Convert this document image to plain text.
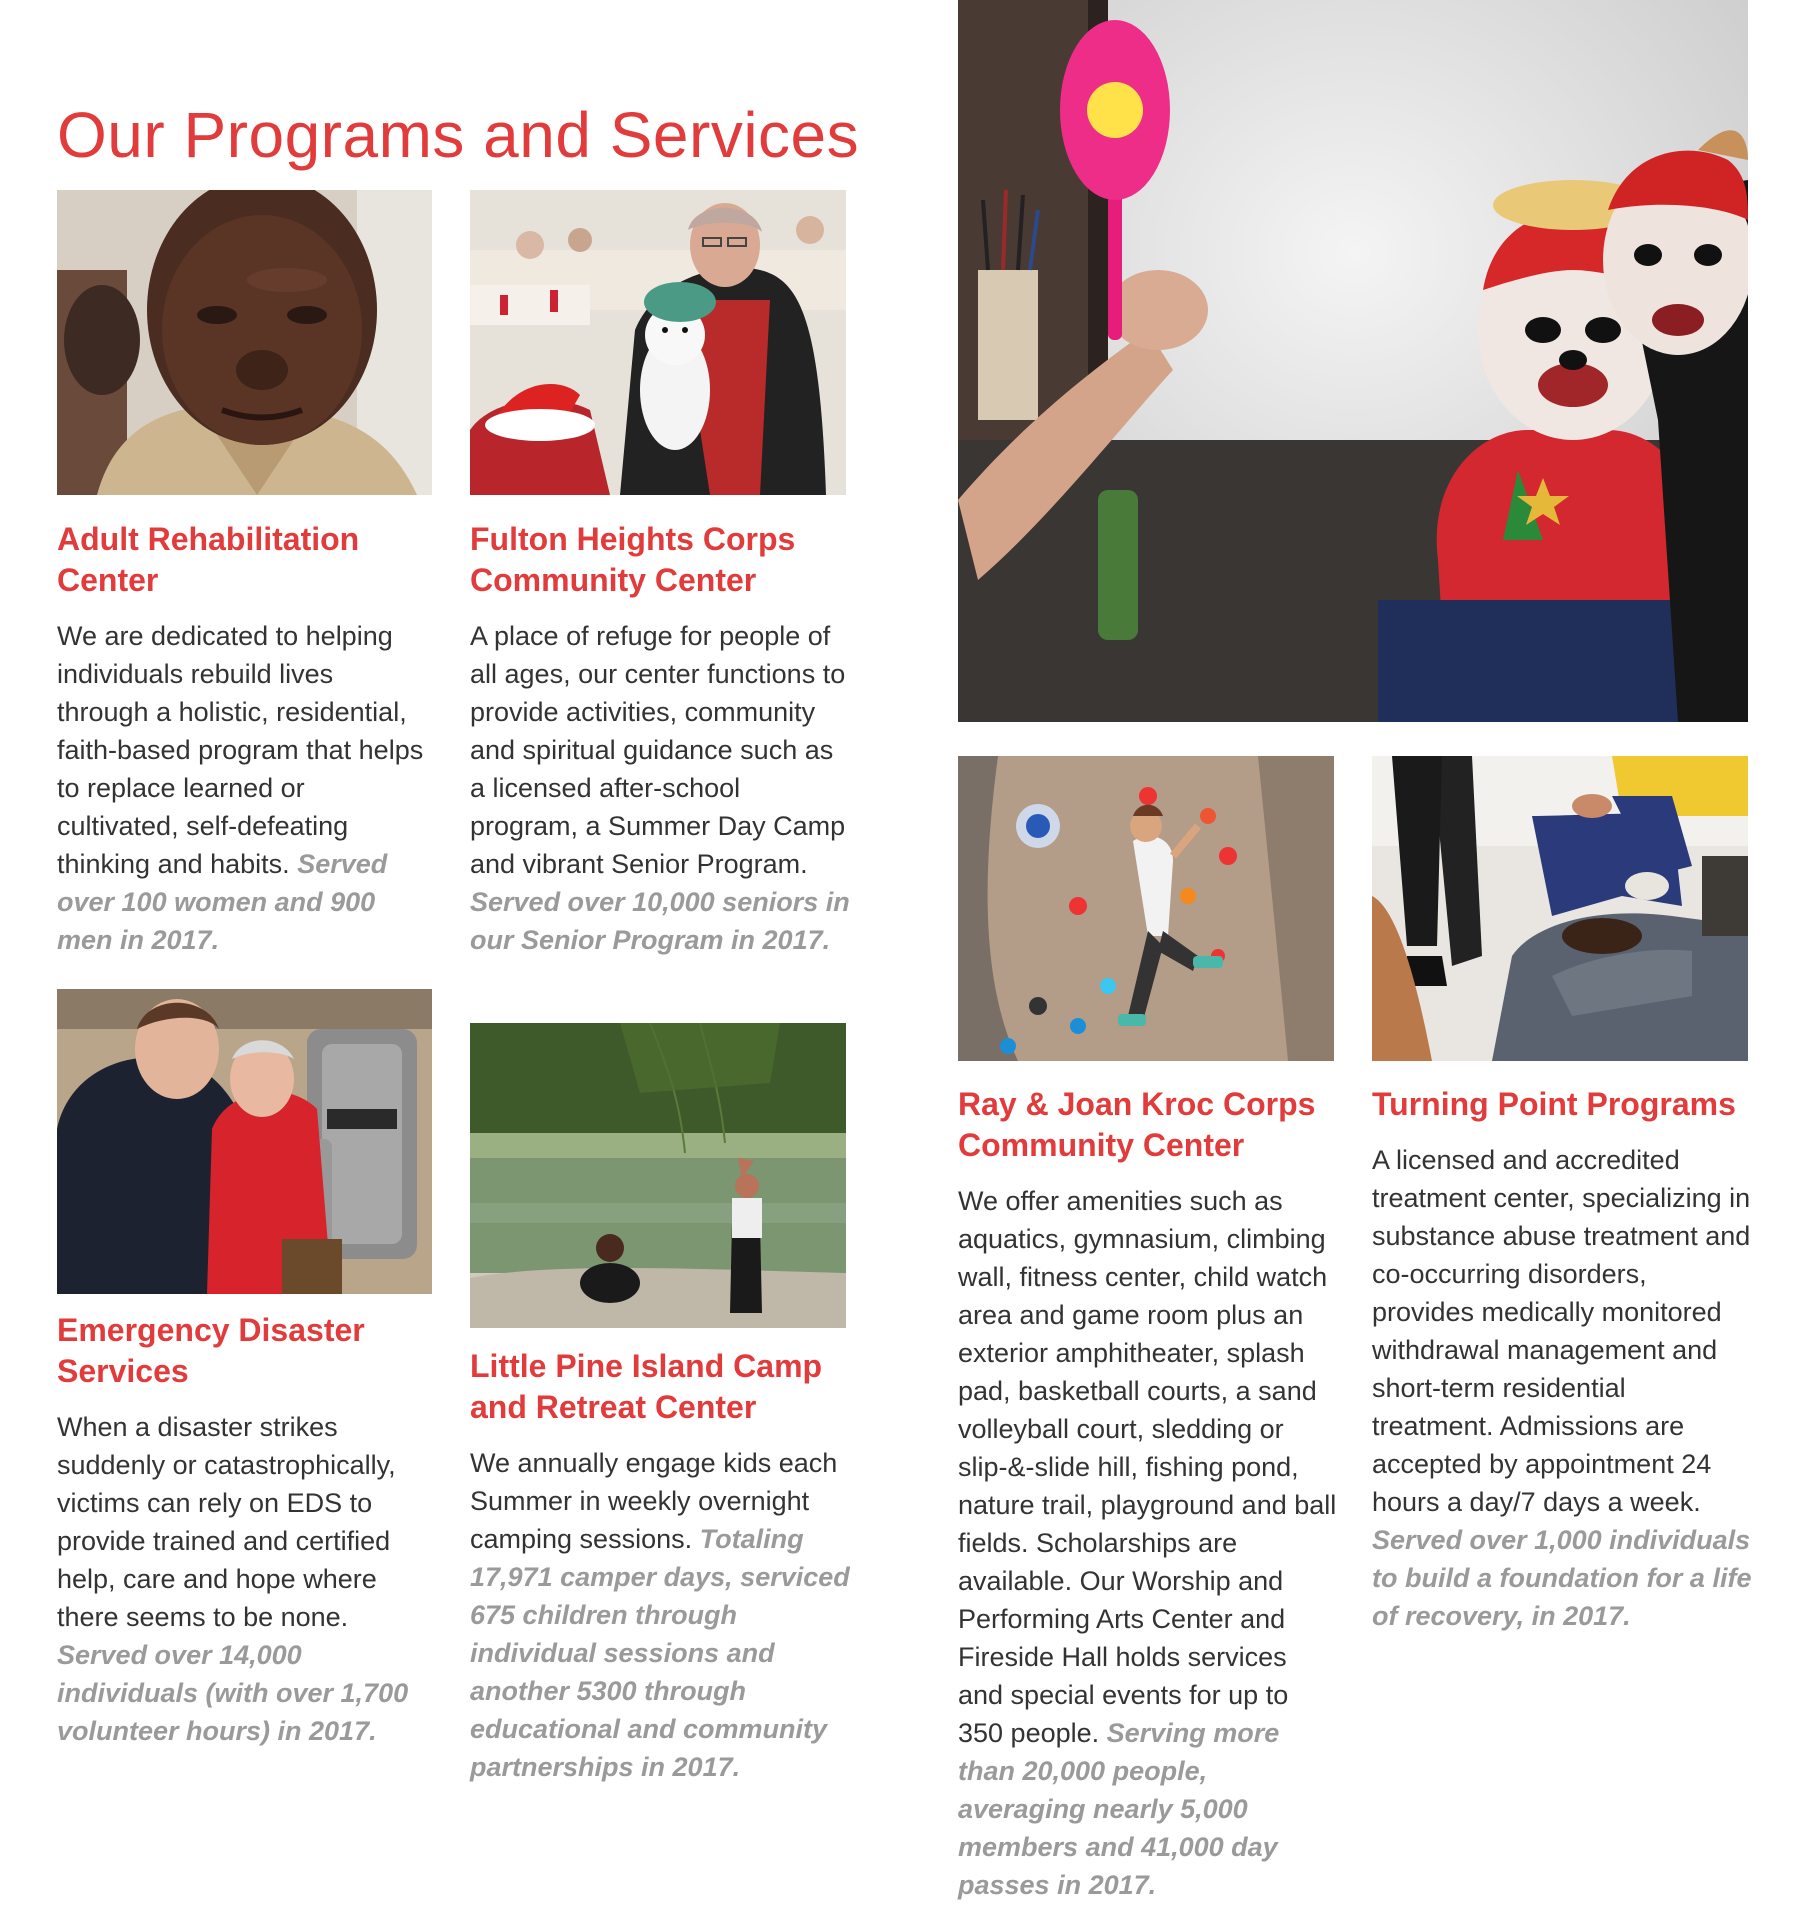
Our Programs and Services
Adult Rehabilitation Center

We are dedicated to helping individuals rebuild lives through a holistic, residential, faith-based program that helps to replace learned or cultivated, self-defeating thinking and habits. Served over 100 women and 900 men in 2017.

Fulton Heights Corps Community Center

A place of refuge for people of all ages, our center functions to provide activities, community and spiritual guidance such as a licensed after-school program, a Summer Day Camp and vibrant Senior Program. Served over 10,000 seniors in our Senior Program in 2017.

Emergency Disaster Services

When a disaster strikes suddenly or catastrophically, victims can rely on EDS to provide trained and certified help, care and hope where there seems to be none. Served over 14,000 individuals (with over 1,700 volunteer hours) in 2017.

Little Pine Island Camp and Retreat Center

We annually engage kids each Summer in weekly overnight camping sessions. Totaling 17,971 camper days, serviced 675 children through individual sessions and another 5300 through educational and community partnerships in 2017.

Ray & Joan Kroc Corps Community Center

We offer amenities such as aquatics, gymnasium, climbing wall, fitness center, child watch area and game room plus an exterior amphitheater, splash pad, basketball courts, a sand volleyball court, sledding or slip-&-slide hill, fishing pond, nature trail, playground and ball fields. Scholarships are available. Our Worship and Performing Arts Center and Fireside Hall holds services and special events for up to 350 people. Serving more than 20,000 people, averaging nearly 5,000 members and 41,000 day passes in 2017.

Turning Point Programs

A licensed and accredited treatment center, specializing in substance abuse treatment and co-occurring disorders, provides medically monitored withdrawal management and short-term residential treatment. Admissions are accepted by appointment 24 hours a day/7 days a week. Served over 1,000 individuals to build a foundation for a life of recovery, in 2017.
